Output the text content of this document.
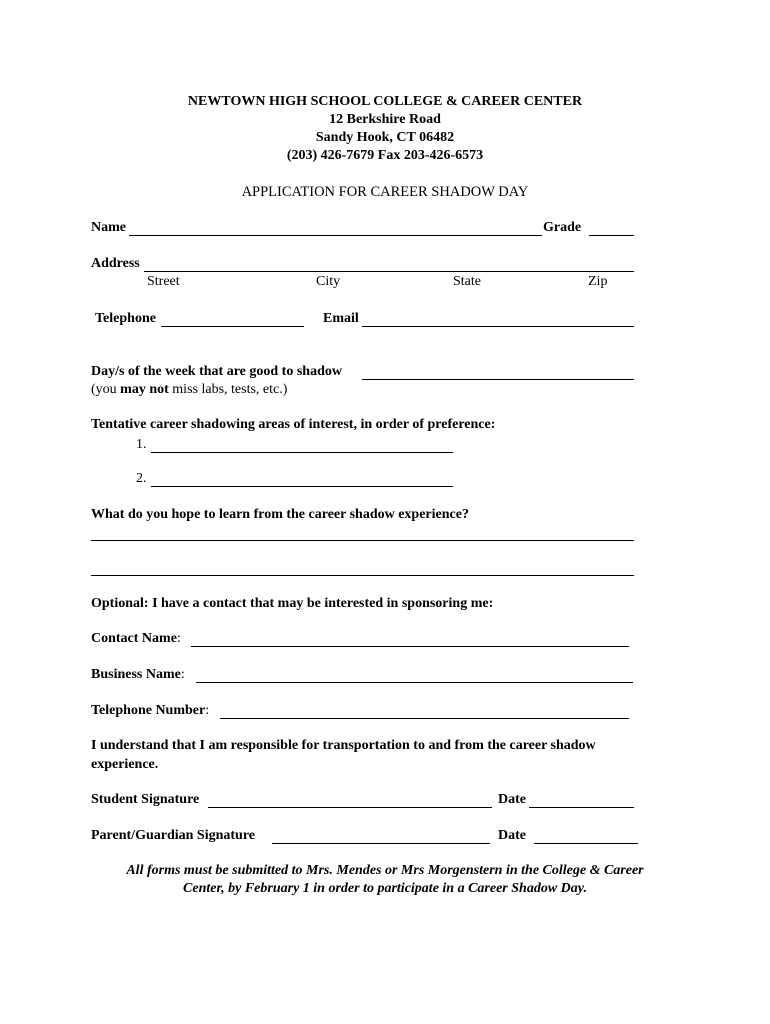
NEWTOWN HIGH SCHOOL COLLEGE & CAREER CENTER
12 Berkshire Road
Sandy Hook, CT 06482
(203) 426-7679 Fax 203-426-6573
APPLICATION FOR CAREER SHADOW DAY
Name	Grade
Address
Street	City	State	Zip
Telephone	Email
Day/s of the week that are good to shadow
(you may not miss labs, tests, etc.)
Tentative career shadowing areas of interest, in order of preference:
1.
2.
What do you hope to learn from the career shadow experience?
Optional: I have a contact that may be interested in sponsoring me:
Contact Name:
Business Name:
Telephone Number:
I understand that I am responsible for transportation to and from the career shadow
experience.
Student Signature	Date
Parent/Guardian Signature	Date
All forms must be submitted to Mrs. Mendes or Mrs Morgenstern in the College & Career
Center, by February 1 in order to participate in a Career Shadow Day.
